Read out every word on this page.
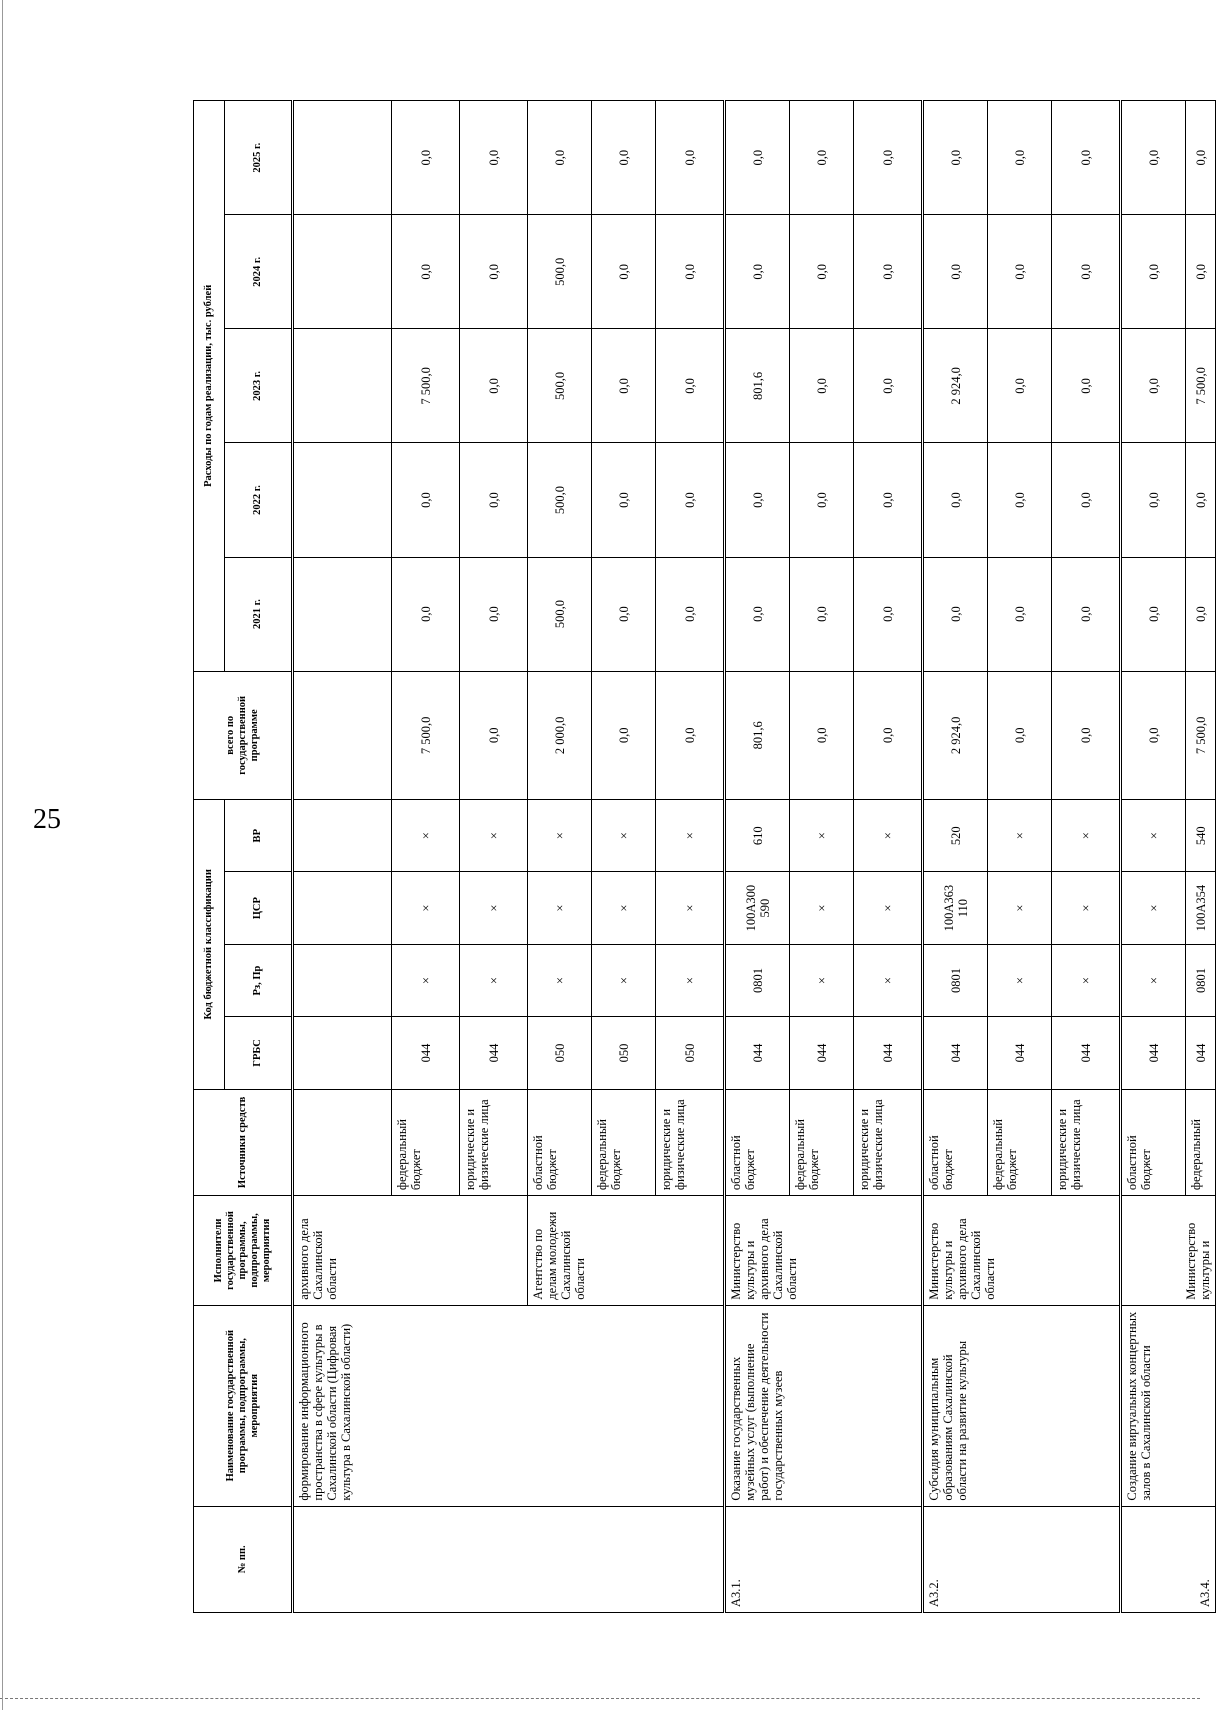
25
№ пп.	Наименование государственной программы, подпрограммы, мероприятия	Исполнители государственной программы, подпрограммы, мероприятия	Источники средств	Код бюджетной классификации				всего по государственной программе	Расходы по годам реализации, тыс. рублей				
				ГРБС	Рз, Пр	ЦСР	ВР		2021 г.	2022 г.	2023 г.	2024 г.	2025 г.
	формирование информационного пространства в сфере культуры в Сахалинской области (Цифровая культура в Сахалинской области)	архивного дела Сахалинской области											
			федеральный бюджет	044	×	×	×	7 500,0	0,0	0,0	7 500,0	0,0	0,0
			юридические и физические лица	044	×	×	×	0,0	0,0	0,0	0,0	0,0	0,0
		Агентство по делам молодежи Сахалинской области	областной бюджет	050	×	×	×	2 000,0	500,0	500,0	500,0	500,0	0,0
			федеральный бюджет	050	×	×	×	0,0	0,0	0,0	0,0	0,0	0,0
			юридические и физические лица	050	×	×	×	0,0	0,0	0,0	0,0	0,0	0,0
А3.1.	Оказание государственных музейных услуг (выполнение работ) и обеспечение деятельности государственных музеев	Министерство культуры и архивного дела Сахалинской области	областной бюджет	044	0801	100А300 590	610	801,6	0,0	0,0	801,6	0,0	0,0
			федеральный бюджет	044	×	×	×	0,0	0,0	0,0	0,0	0,0	0,0
			юридические и физические лица	044	×	×	×	0,0	0,0	0,0	0,0	0,0	0,0
А3.2.	Субсидия муниципальным образованиям Сахалинской области на развитие культуры	Министерство культуры и архивного дела Сахалинской области	областной бюджет	044	0801	100А363 110	520	2 924,0	0,0	0,0	2 924,0	0,0	0,0
			федеральный бюджет	044	×	×	×	0,0	0,0	0,0	0,0	0,0	0,0
			юридические и физические лица	044	×	×	×	0,0	0,0	0,0	0,0	0,0	0,0
А3.4.	Создание виртуальных концертных залов в Сахалинской области	Министерство культуры и	областной бюджет	044	×	×	×	0,0	0,0	0,0	0,0	0,0	0,0
			федеральный	044	0801	100А354	540	7 500,0	0,0	0,0	7 500,0	0,0	0,0
